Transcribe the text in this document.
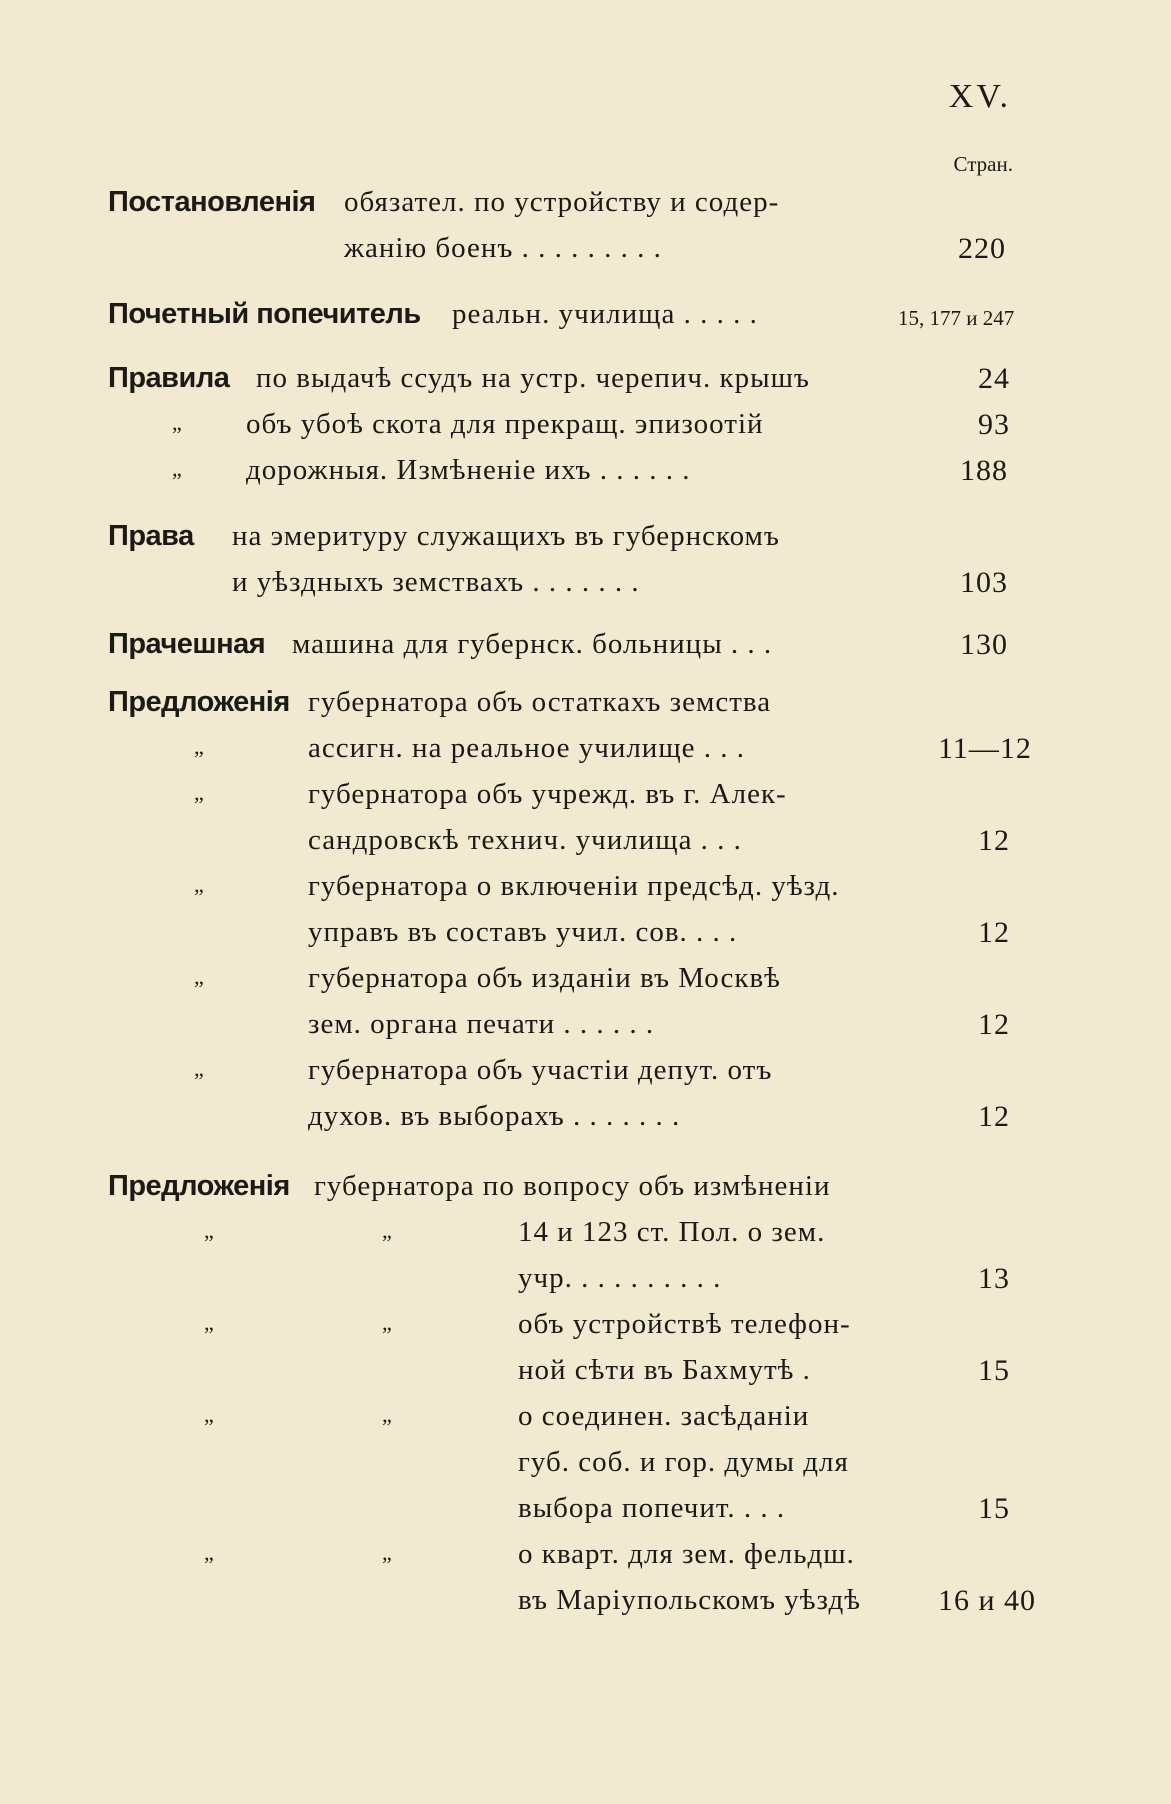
XV.
Стран.
Постановленія обязател. по устройству и содер-
жанію боенъ . . . . . . . . .	220
Почетный попечитель реальн. училища . . . . .	15, 177 и 247
Правила по выдачѣ ссудъ на устр. черепич. крышъ	24
„ объ убоѣ скота для прекращ. эпизоотій	93
„ дорожныя. Измѣненіе ихъ . . . . . .	188
Права на эмеритуру служащихъ въ губернскомъ
и уѣздныхъ земствахъ . . . . . . .	103
Прачешная машина для губернск. больницы . . .	130
Предложенія губернатора объ остаткахъ земства
„	ассигн. на реальное училище . . .	11—12
„	губернатора объ учрежд. въ г. Алек-
сандровскѣ технич. училища . . .	12
„	губернатора о включеніи предсѣд. уѣзд.
управъ въ составъ учил. сов. . . .	12
„	губернатора объ изданіи въ Москвѣ
зем. органа печати . . . . . .	12
„	губернатора объ участіи депут. отъ
духов. въ выборахъ . . . . . . .	12
Предложенія губернатора по вопросу объ измѣненіи
„	„	14 и 123 ст. Пол. о зем.
учр. . . . . . . . . .	13
„	„	объ устройствѣ телефон-
ной сѣти въ Бахмутѣ .	15
„	„	о соединен. засѣданіи
губ. соб. и гор. думы для
выбора попечит. . . .	15
„	„	о кварт. для зем. фельдш.
въ Маріупольскомъ уѣздѣ	16 и 40
